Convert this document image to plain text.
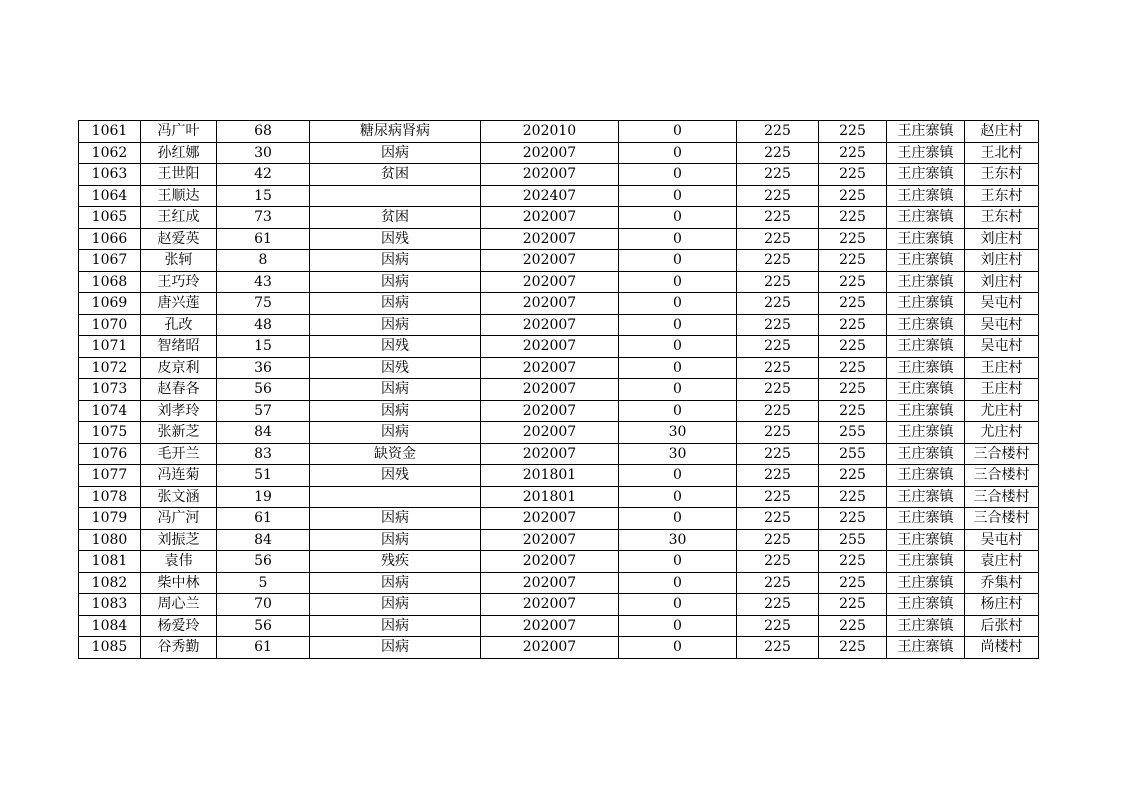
1061	冯广叶	68	糖尿病肾病	202010	0	225	225	王庄寨镇	赵庄村
1062	孙红娜	30	因病	202007	0	225	225	王庄寨镇	王北村
1063	王世阳	42	贫困	202007	0	225	225	王庄寨镇	王东村
1064	王顺达	15		202407	0	225	225	王庄寨镇	王东村
1065	王红成	73	贫困	202007	0	225	225	王庄寨镇	王东村
1066	赵爱英	61	因残	202007	0	225	225	王庄寨镇	刘庄村
1067	张轲	8	因病	202007	0	225	225	王庄寨镇	刘庄村
1068	王巧玲	43	因病	202007	0	225	225	王庄寨镇	刘庄村
1069	唐兴莲	75	因病	202007	0	225	225	王庄寨镇	吴屯村
1070	孔改	48	因病	202007	0	225	225	王庄寨镇	吴屯村
1071	智绪昭	15	因残	202007	0	225	225	王庄寨镇	吴屯村
1072	皮京利	36	因残	202007	0	225	225	王庄寨镇	王庄村
1073	赵春各	56	因病	202007	0	225	225	王庄寨镇	王庄村
1074	刘孝玲	57	因病	202007	0	225	225	王庄寨镇	尤庄村
1075	张新芝	84	因病	202007	30	225	255	王庄寨镇	尤庄村
1076	毛开兰	83	缺资金	202007	30	225	255	王庄寨镇	三合楼村
1077	冯连菊	51	因残	201801	0	225	225	王庄寨镇	三合楼村
1078	张文涵	19		201801	0	225	225	王庄寨镇	三合楼村
1079	冯广河	61	因病	202007	0	225	225	王庄寨镇	三合楼村
1080	刘振芝	84	因病	202007	30	225	255	王庄寨镇	吴屯村
1081	袁伟	56	残疾	202007	0	225	225	王庄寨镇	袁庄村
1082	柴中林	5	因病	202007	0	225	225	王庄寨镇	乔集村
1083	周心兰	70	因病	202007	0	225	225	王庄寨镇	杨庄村
1084	杨爱玲	56	因病	202007	0	225	225	王庄寨镇	后张村
1085	谷秀勤	61	因病	202007	0	225	225	王庄寨镇	尚楼村
